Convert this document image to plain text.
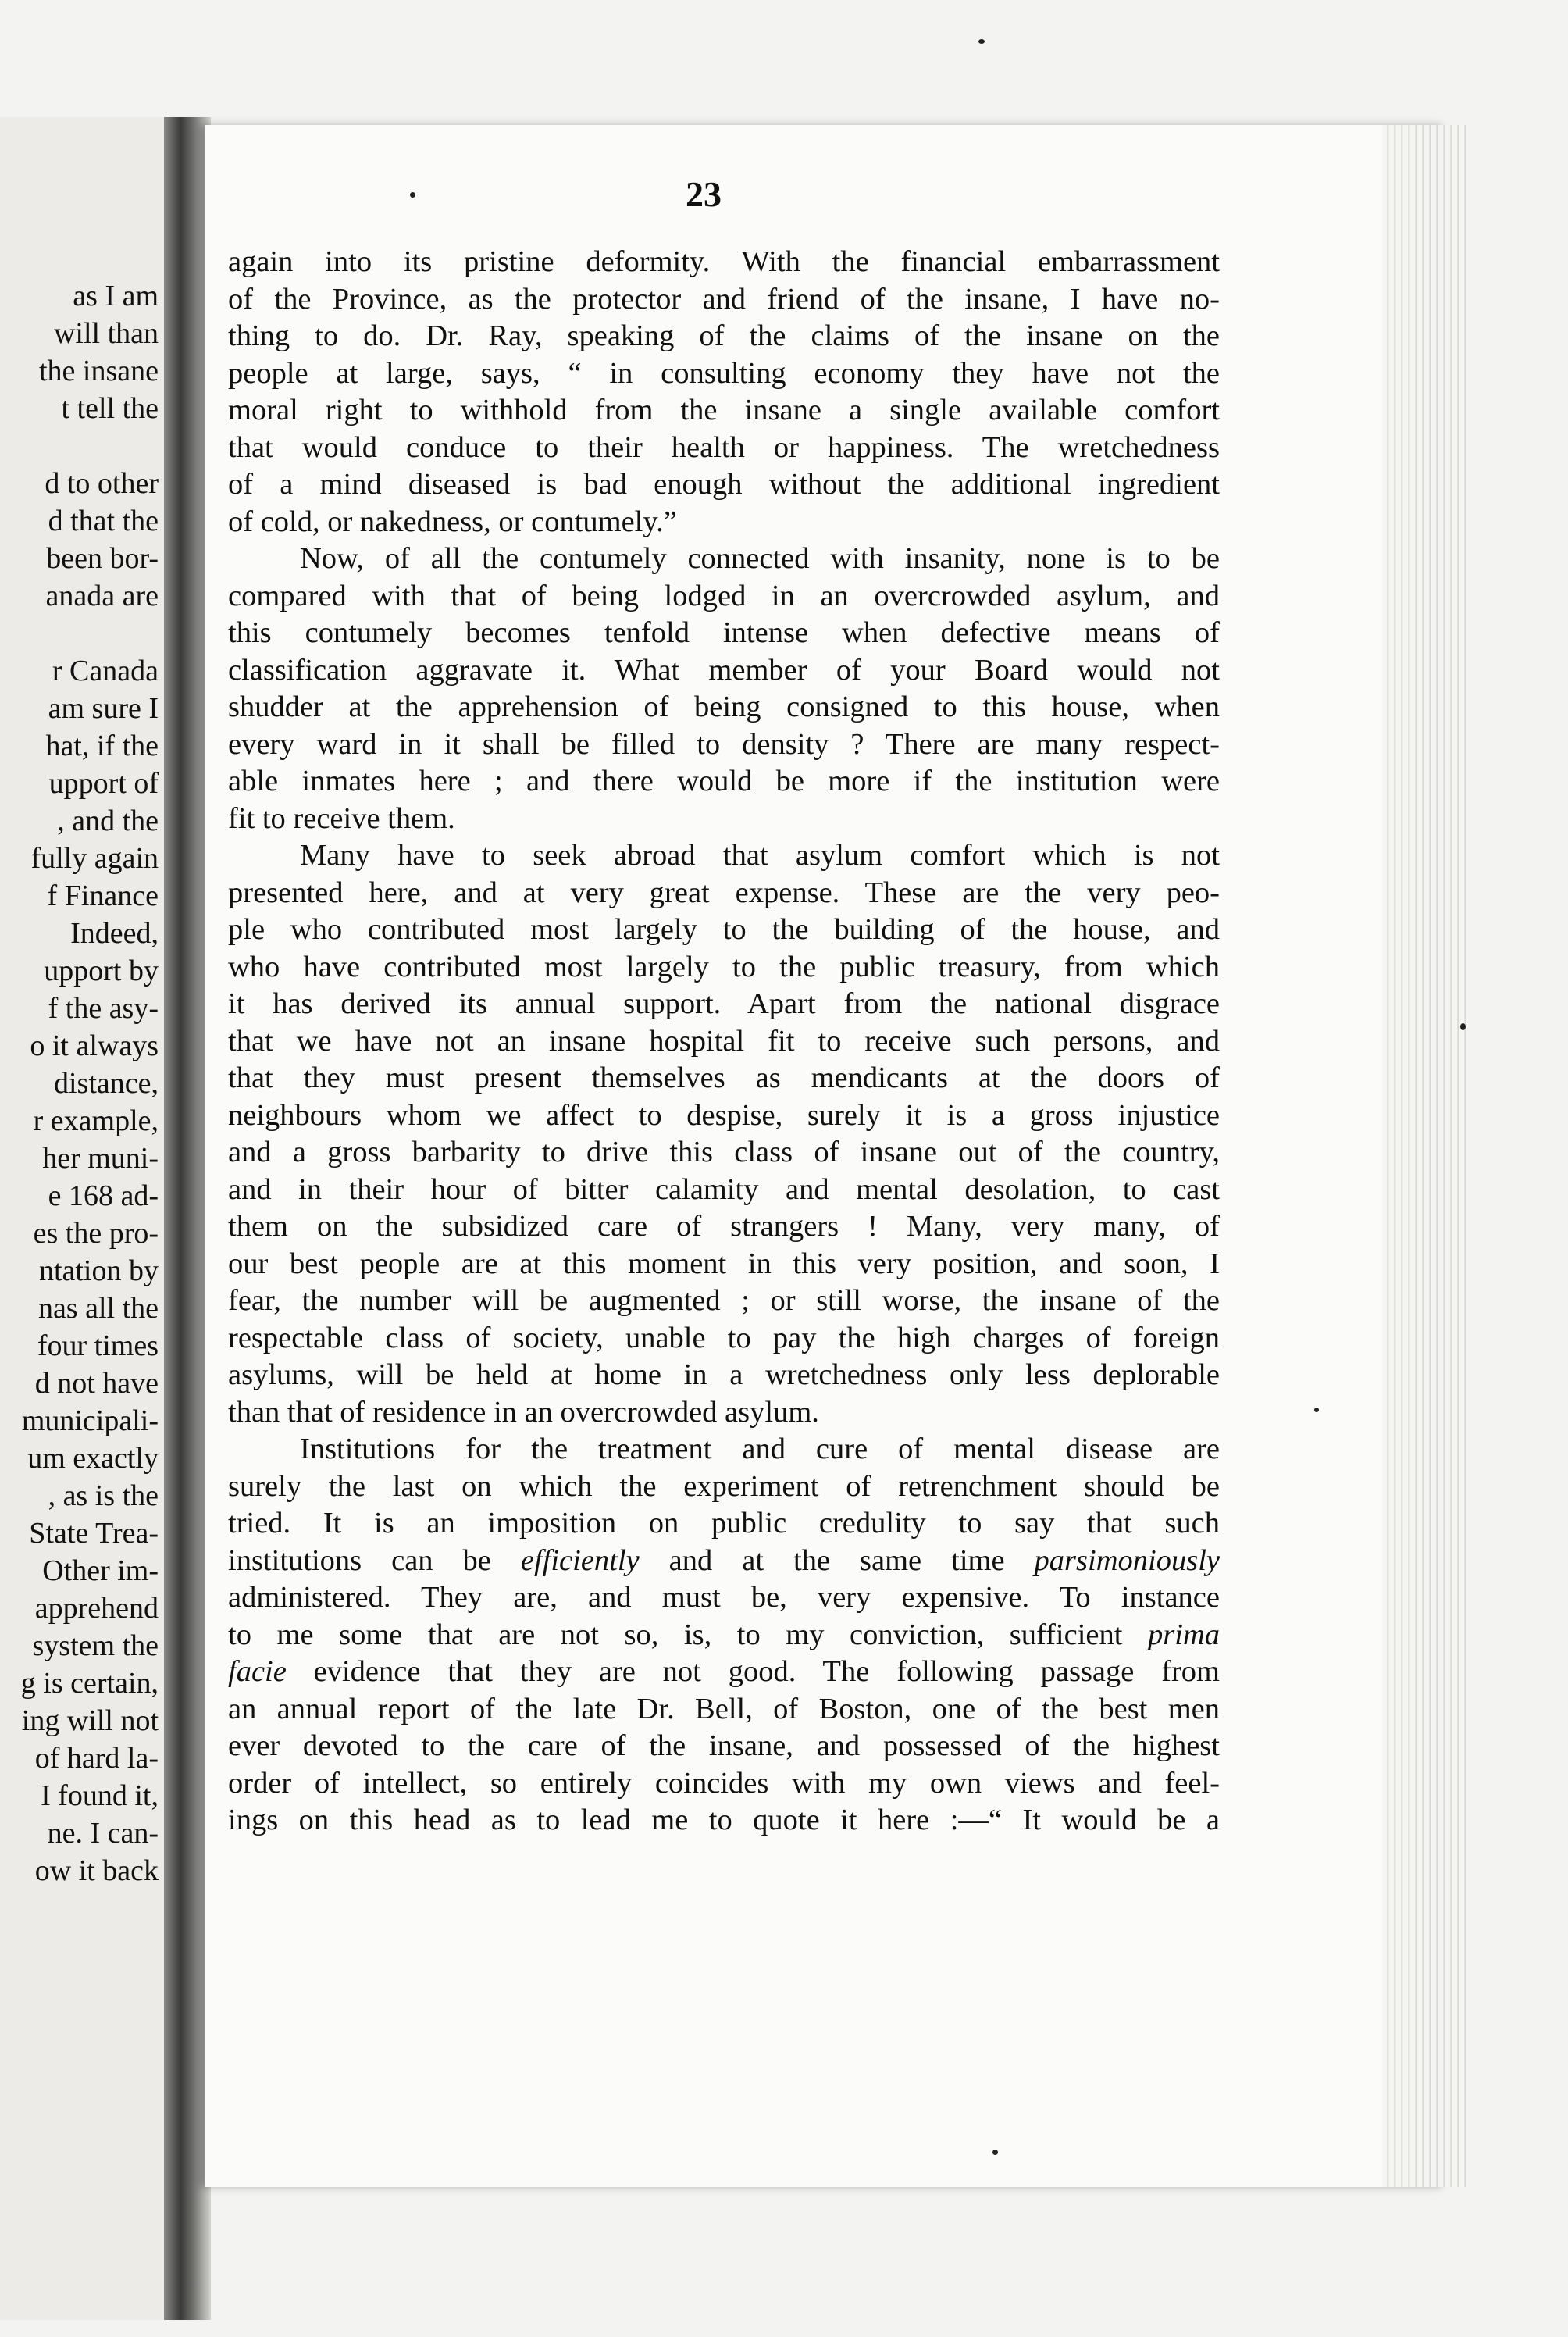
as I am
will than
the insane
t tell the
d to other
d that the
been bor-
anada are
r Canada
am sure I
hat, if the
upport of
, and the
fully again
f Finance
Indeed,
upport by
f the asy-
o it always
distance,
r example,
her muni-
e 168 ad-
es the pro-
ntation by
nas all the
four times
d not have
municipali-
um exactly
, as is the
State Trea-
Other im-
apprehend
system the
g is certain,
ing will not
of hard la-
I found it,
ne. I can-
ow it back
23
again into its pristine deformity. With the financial embarrassment
of the Province, as the protector and friend of the insane, I have no-
thing to do. Dr. Ray, speaking of the claims of the insane on the
people at large, says, “ in consulting economy they have not the
moral right to withhold from the insane a single available comfort
that would conduce to their health or happiness. The wretchedness
of a mind diseased is bad enough without the additional ingredient
of cold, or nakedness, or contumely.”
Now, of all the contumely connected with insanity, none is to be
compared with that of being lodged in an overcrowded asylum, and
this contumely becomes tenfold intense when defective means of
classification aggravate it. What member of your Board would not
shudder at the apprehension of being consigned to this house, when
every ward in it shall be filled to density ? There are many respect-
able inmates here ; and there would be more if the institution were
fit to receive them.
Many have to seek abroad that asylum comfort which is not
presented here, and at very great expense. These are the very peo-
ple who contributed most largely to the building of the house, and
who have contributed most largely to the public treasury, from which
it has derived its annual support. Apart from the national disgrace
that we have not an insane hospital fit to receive such persons, and
that they must present themselves as mendicants at the doors of
neighbours whom we affect to despise, surely it is a gross injustice
and a gross barbarity to drive this class of insane out of the country,
and in their hour of bitter calamity and mental desolation, to cast
them on the subsidized care of strangers ! Many, very many, of
our best people are at this moment in this very position, and soon, I
fear, the number will be augmented ; or still worse, the insane of the
respectable class of society, unable to pay the high charges of foreign
asylums, will be held at home in a wretchedness only less deplorable
than that of residence in an overcrowded asylum.
Institutions for the treatment and cure of mental disease are
surely the last on which the experiment of retrenchment should be
tried. It is an imposition on public credulity to say that such
institutions can be efficiently and at the same time parsimoniously
administered. They are, and must be, very expensive. To instance
to me some that are not so, is, to my conviction, sufficient prima
facie evidence that they are not good. The following passage from
an annual report of the late Dr. Bell, of Boston, one of the best men
ever devoted to the care of the insane, and possessed of the highest
order of intellect, so entirely coincides with my own views and feel-
ings on this head as to lead me to quote it here :—“ It would be a
